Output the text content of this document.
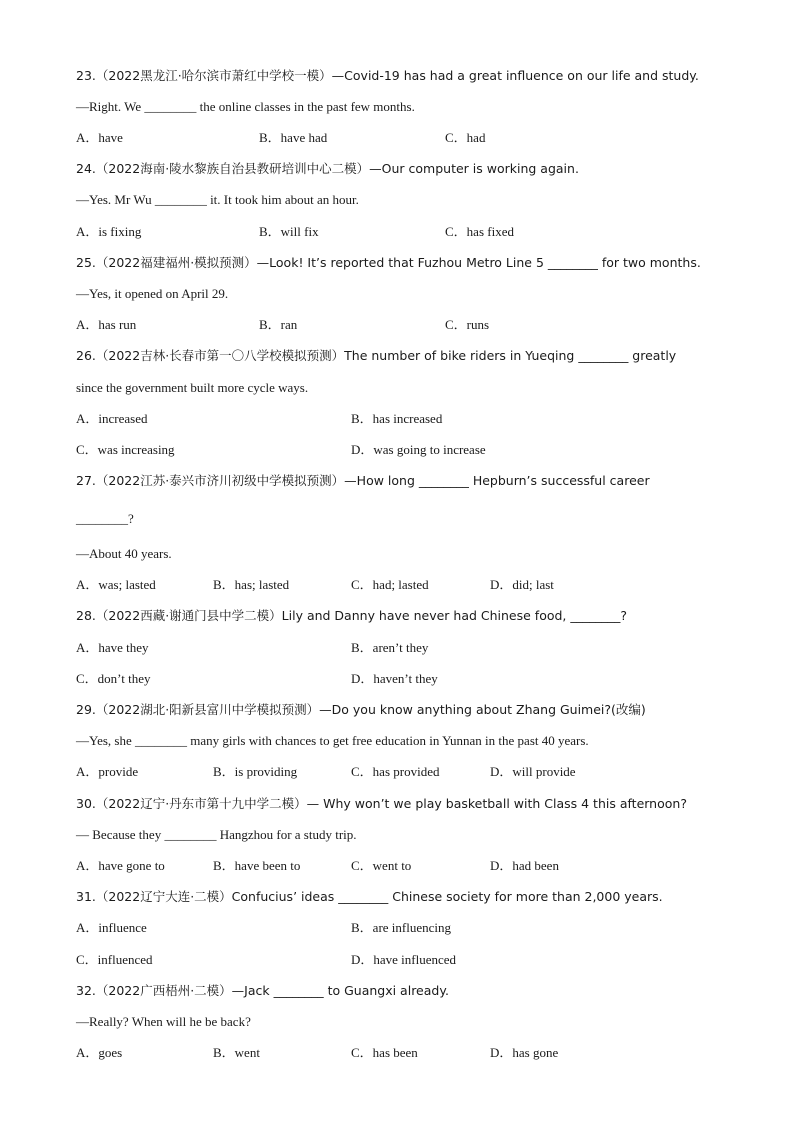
23.（2022黑龙江·哈尔滨市萧红中学校一模）—Covid-19 has had a great influence on our life and study.
—Right. We ________ the online classes in the past few months.
A．have	B．have had	C．had
24.（2022海南·陵水黎族自治县教研培训中心二模）—Our computer is working again.
—Yes. Mr Wu ________ it. It took him about an hour.
A．is fixing	B．will fix	C．has fixed
25.（2022福建福州·模拟预测）—Look! It’s reported that Fuzhou Metro Line 5 ________ for two months.
—Yes, it opened on April 29.
A．has run	B．ran	C．runs
26.（2022吉林·长春市第一〇八学校模拟预测）The number of bike riders in Yueqing ________ greatly
since the government built more cycle ways.
A．increased	B．has increased
C．was increasing	D．was going to increase
27.（2022江苏·泰兴市济川初级中学模拟预测）—How long ________ Hepburn’s successful career
________?
—About 40 years.
A．was; lasted	B．has; lasted	C．had; lasted	D．did; last
28.（2022西藏·谢通门县中学二模）Lily and Danny have never had Chinese food, ________?
A．have they	B．aren’t they
C．don’t they	D．haven’t they
29.（2022湖北·阳新县富川中学模拟预测）—Do you know anything about Zhang Guimei?(改编)
—Yes, she ________ many girls with chances to get free education in Yunnan in the past 40 years.
A．provide	B．is providing	C．has provided	D．will provide
30.（2022辽宁·丹东市第十九中学二模）— Why won’t we play basketball with Class 4 this afternoon?
— Because they ________ Hangzhou for a study trip.
A．have gone to	B．have been to	C．went to	D．had been
31.（2022辽宁大连·二模）Confucius’ ideas ________ Chinese society for more than 2,000 years.
A．influence	B．are influencing
C．influenced	D．have influenced
32.（2022广西梧州·二模）—Jack ________ to Guangxi already.
—Really? When will he be back?
A．goes	B．went	C．has been	D．has gone
